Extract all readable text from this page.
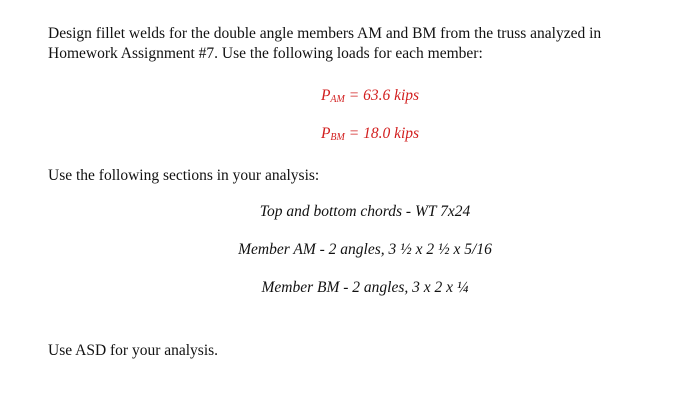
Design fillet welds for the double angle members AM and BM from the truss analyzed in
Homework Assignment #7. Use the following loads for each member:
$P_{AM} = 63.6$ kips
$P_{BM} = 18.0$ kips
Use the following sections in your analysis:
Top and bottom chords - WT 7x24
Member AM - 2 angles, 3 ½ x 2 ½ x 5/16
Member BM - 2 angles, 3 x 2 x ¼
Use ASD for your analysis.
